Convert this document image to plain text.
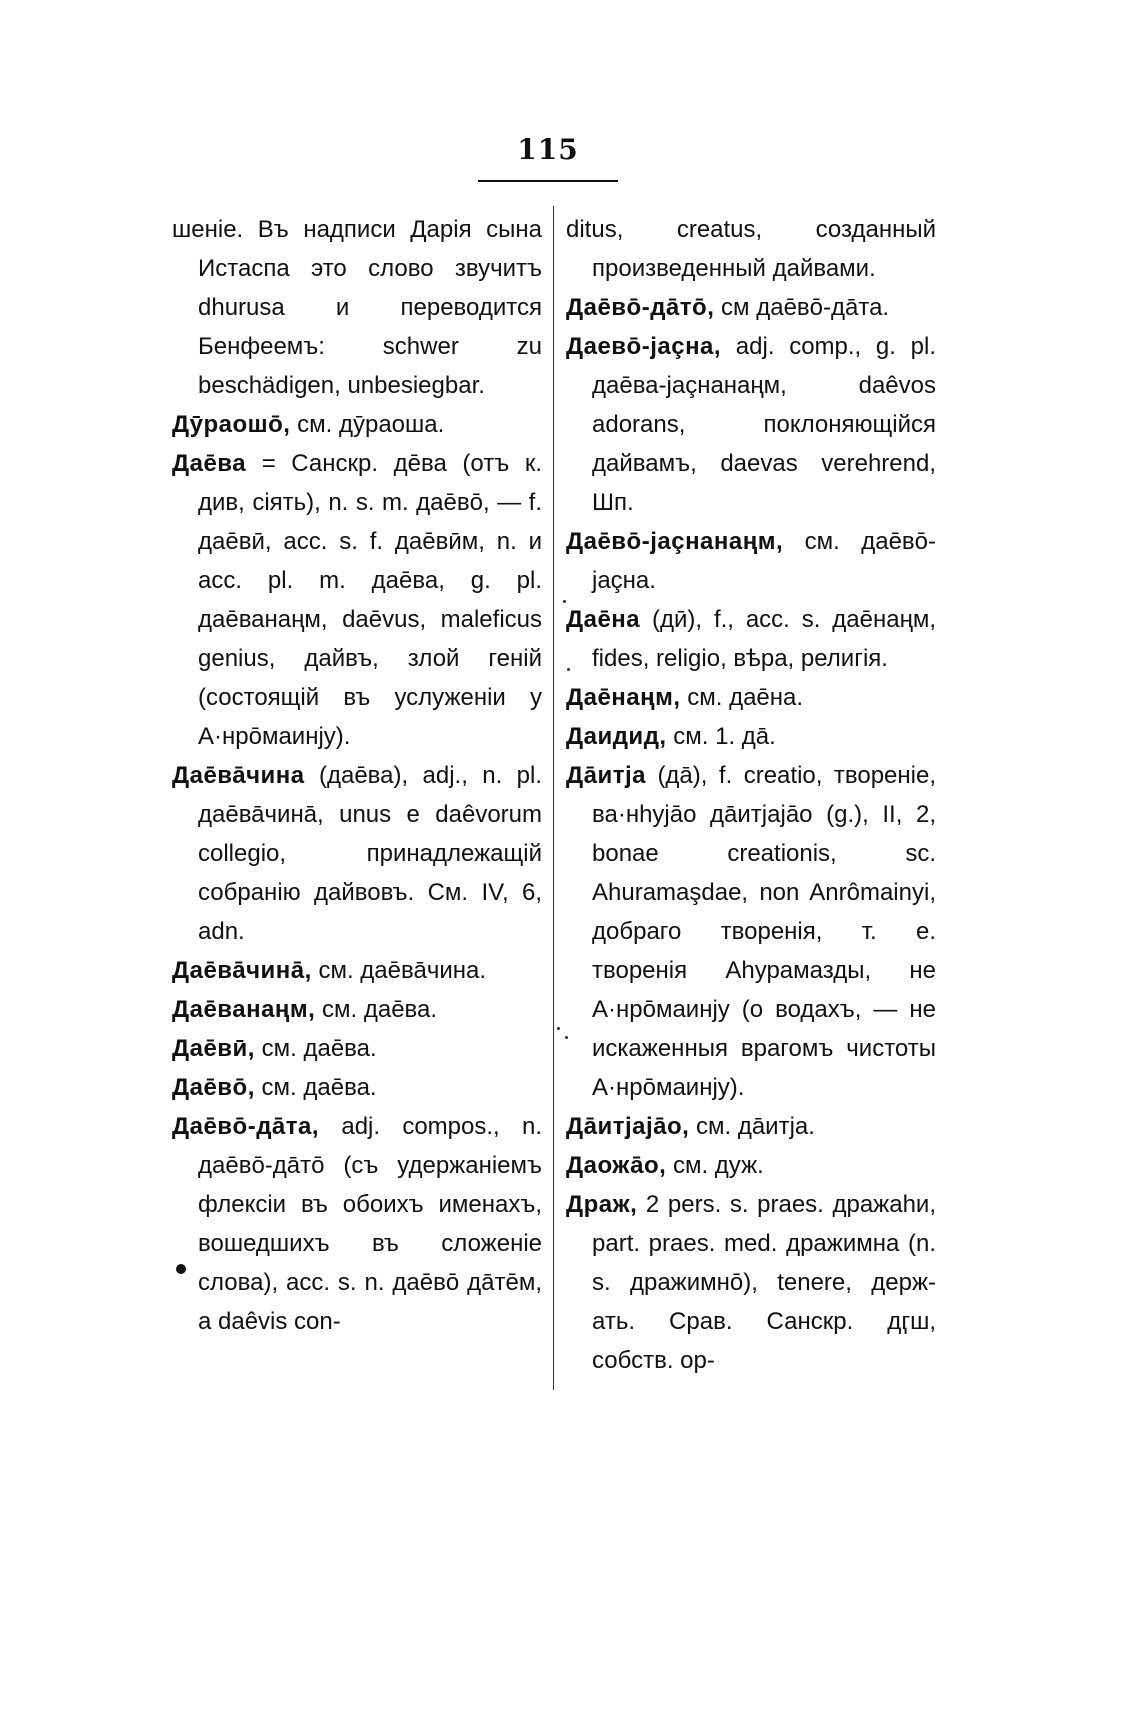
115

шеніе. Въ надписи Дарія сына Истаспа это слово звучитъ dhurusa и переводится Бенфеемъ: schwer zu beschädigen, unbesiegbar.

Дӯраошō, см. дӯраоша.

Даēва = Санскр. дēва (отъ к. див, сіять), n. s. m. даēвō, — f. даēвӣ, acc. s. f. даēвӣм, n. и acc. pl. m. даēва, g. pl. даēванаңм, daēvus, maleficus genius, дайвъ, злой геній (состоящій въ услуженіи у А·нрōмаинју).

Даēва̄чина (даēва), adj., n. pl. даēва̄чина̄, unus e daêvorum collegio, принадлежащій собранію дайвовъ. См. IV, 6, adn.

Даēва̄чина̄, см. даēва̄чина.

Даēванаңм, см. даēва.

Даēвӣ, см. даēва.

Даēвō, см. даēва.

Даēвō-да̄та, adj. compos., n. даēвō-да̄тō (съ удержаніемъ флексіи въ обоихъ именахъ, вошедшихъ въ сложеніе слова), acc. s. n. даēвō да̄тēм, a daêvis con-

ditus, creatus, созданный произведенный дайвами.

Даēвō-да̄тō, см даēвō-да̄та.

Даевō-јаçна, adj. comp., g. pl. даēва-јаçнанаңм, daêvos adorans, поклоняющійся дайвамъ, daevas verehrend, Шп.

Даēвō-јаçнанаңм, см. даēвō-јаçна.

Даēна (дӣ), f., acc. s. даēнаңм, fides, religio, вѣра, религія.

Даēнаңм, см. даēна.

Даидид, см. 1. да̄.

Да̄итја (да̄), f. creatio, твореніе, ва·нhујāо да̄итјајāо (g.), II, 2, bonae creationis, sc. Ahuramaşdae, non Anrômainyi, добраго творенія, т. е. творенія Аhурамазды, не А·нрōмаинју (о водахъ, — не искаженныя врагомъ чистоты А·нрōмаинју).

Да̄итјаја̄о, см. да̄итја.

Даожа̄о, см. дуж.

Драж, 2 pers. s. praes. дражаhи, part. praes. med. дражимна (n. s. дражимнō), tenere, держ-ать. Срав. Санскр. дӷш, собств. ор-
